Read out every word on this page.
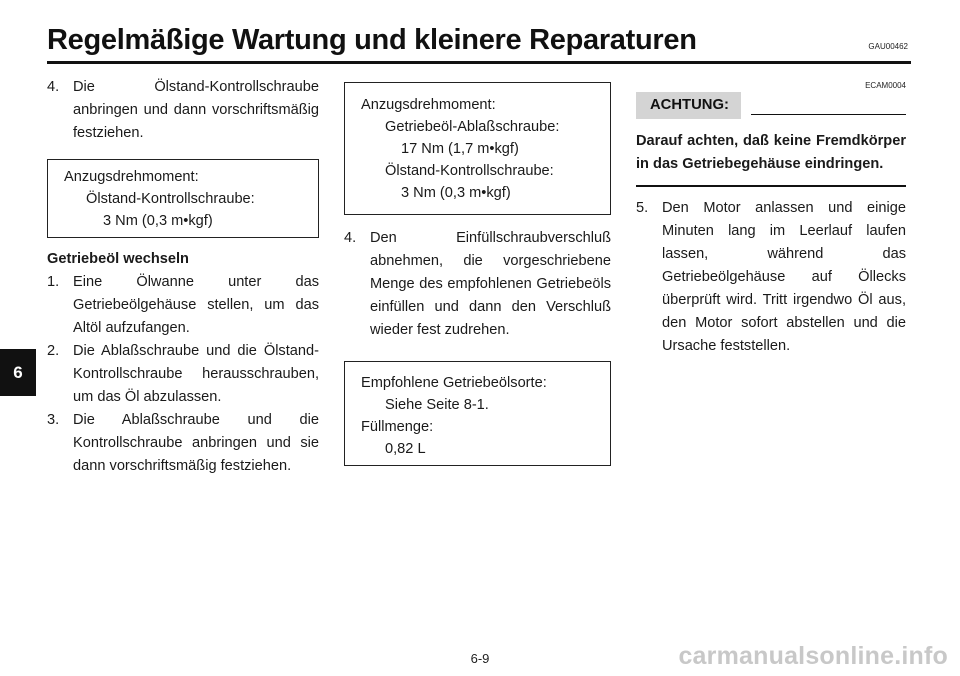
Regelmäßige Wartung und kleinere Reparaturen	GAU00462
6
4. Die Ölstand-Kontrollschraube anbringen und dann vorschriftsmäßig festziehen.
Anzugsdrehmoment:
Ölstand-Kontrollschraube:
3 Nm (0,3 m•kgf)
Getriebeöl wechseln
1. Eine Ölwanne unter das Getriebeölgehäuse stellen, um das Altöl aufzufangen.
2. Die Ablaßschraube und die Ölstand-Kontrollschraube herausschrauben, um das Öl abzulassen.
3. Die Ablaßschraube und die Kontrollschraube anbringen und sie dann vorschriftsmäßig festziehen.
Anzugsdrehmoment:
Getriebeöl-Ablaßschraube:
17 Nm (1,7 m•kgf)
Ölstand-Kontrollschraube:
3 Nm (0,3 m•kgf)
4. Den Einfüllschraubverschluß abnehmen, die vorgeschriebene Menge des empfohlenen Getriebeöls einfüllen und dann den Verschluß wieder fest zudrehen.
Empfohlene Getriebeölsorte:
Siehe Seite 8-1.
Füllmenge:
0,82 L
ECAM0004
ACHTUNG:
Darauf achten, daß keine Fremdkörper in das Getriebegehäuse eindringen.
5. Den Motor anlassen und einige Minuten lang im Leerlauf laufen lassen, während das Getriebeölgehäuse auf Öllecks überprüft wird. Tritt irgendwo Öl aus, den Motor sofort abstellen und die Ursache feststellen.
6-9	carmanualsonline.info
